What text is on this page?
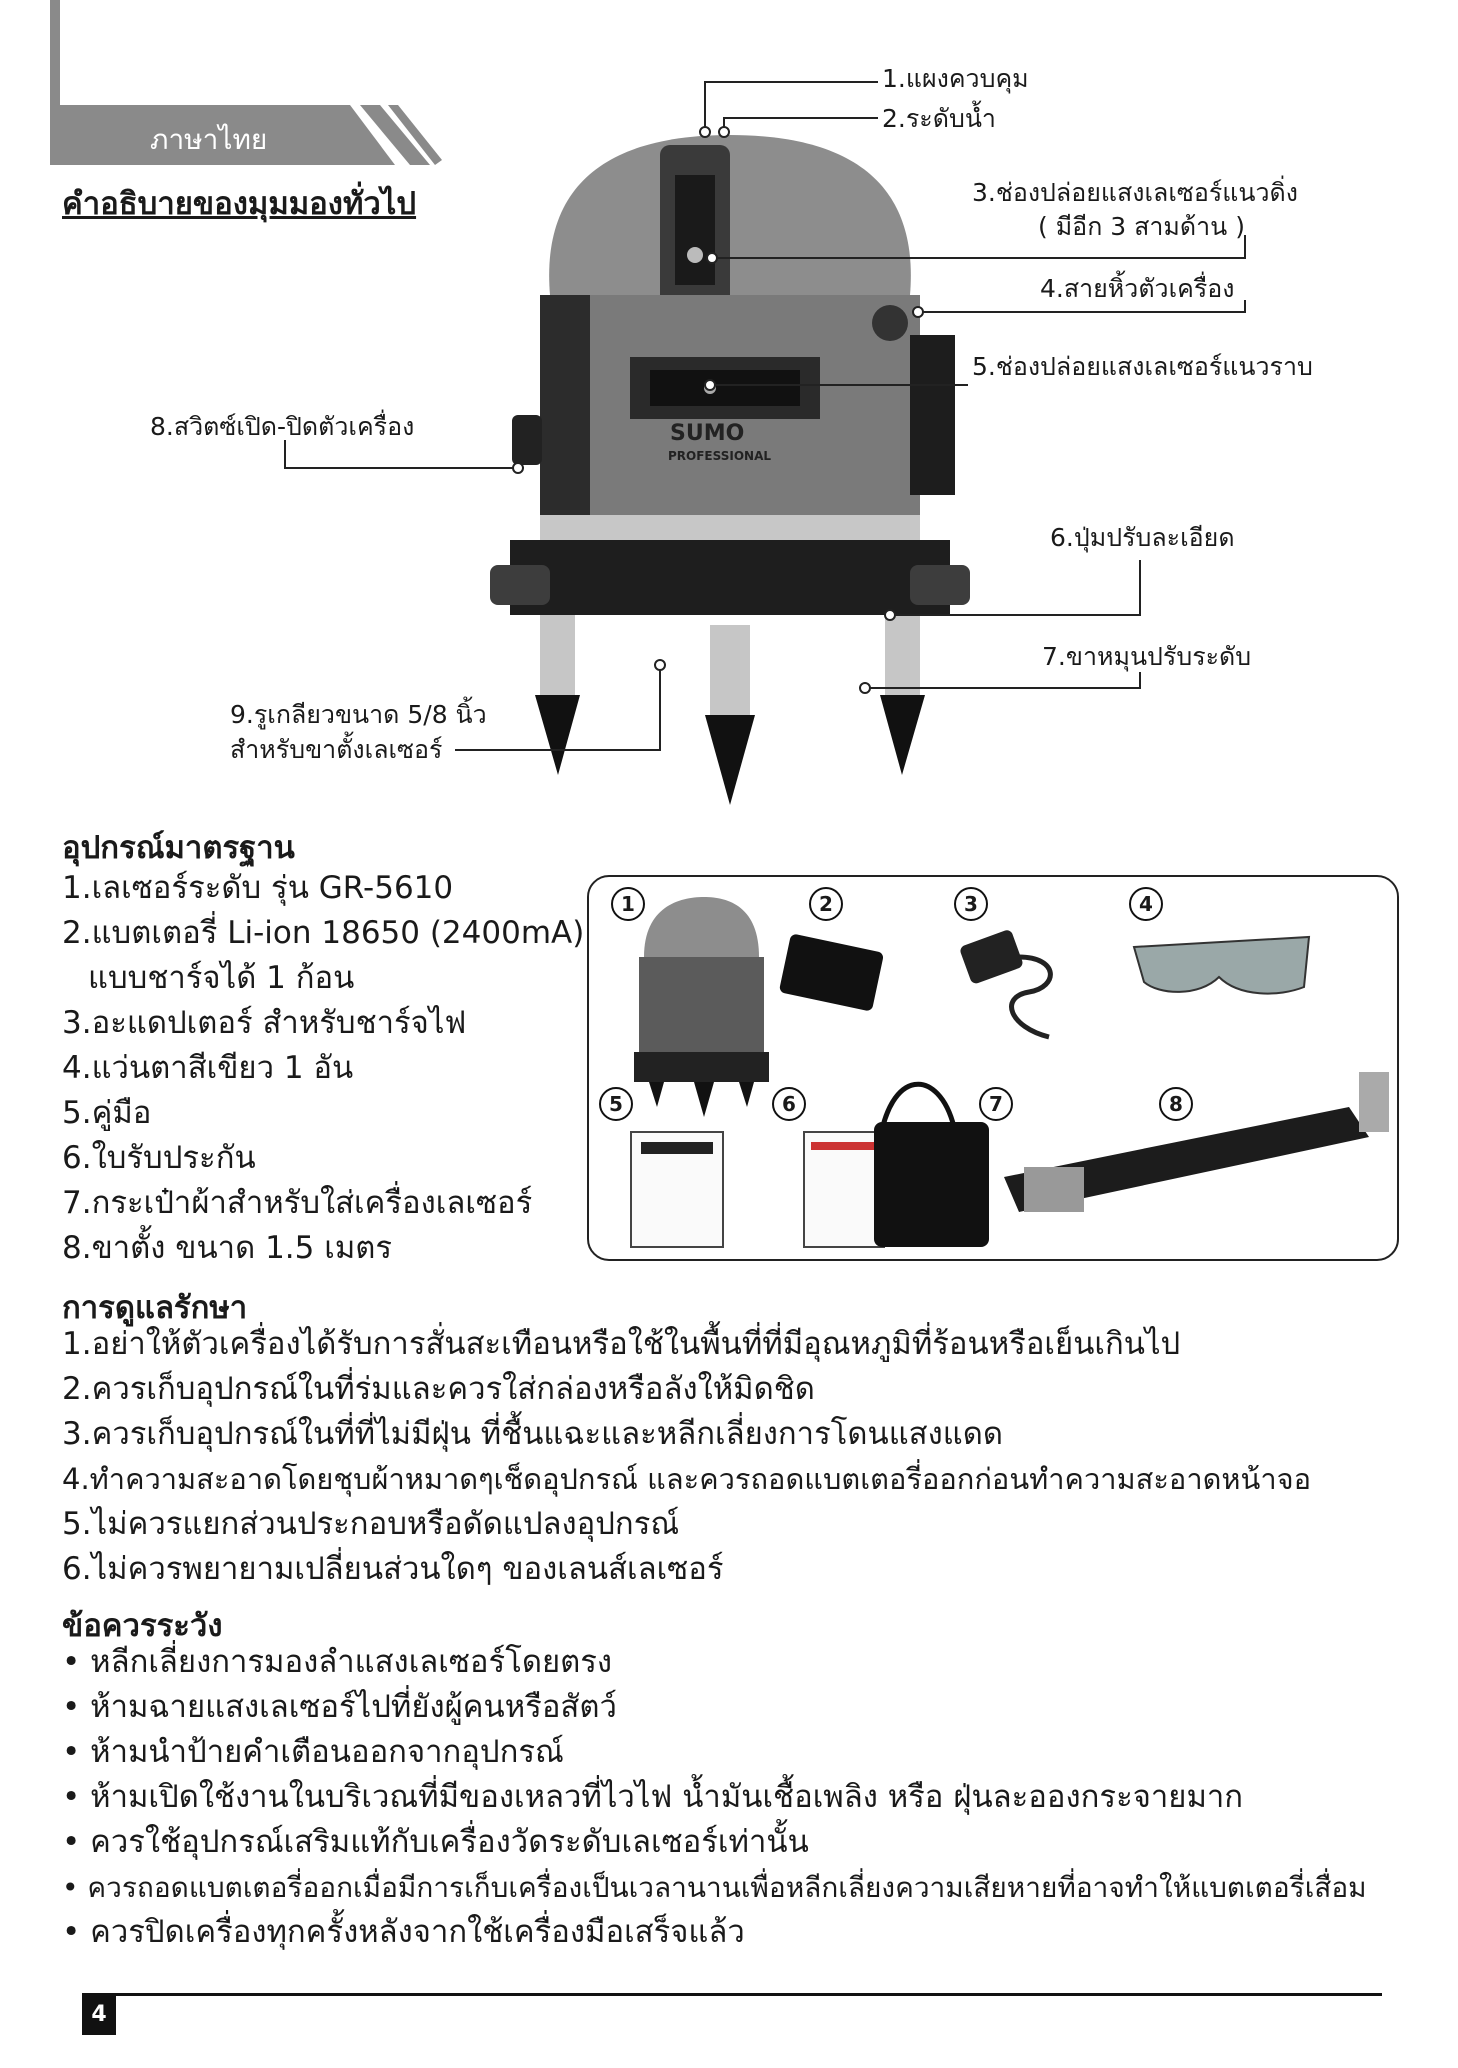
ภาษาไทย
คำอธิบายของมุมมองทั่วไป
SUMO
PROFESSIONAL
1.แผงควบคุม
2.ระดับน้ำ
3.ช่องปล่อยแสงเลเซอร์แนวดิ่ง
( มีอีก 3 สามด้าน )
4.สายหิ้วตัวเครื่อง
5.ช่องปล่อยแสงเลเซอร์แนวราบ
6.ปุ่มปรับละเอียด
7.ขาหมุนปรับระดับ
8.สวิตซ์เปิด-ปิดตัวเครื่อง
9.รูเกลียวขนาด 5/8 นิ้ว
สำหรับขาตั้งเลเซอร์
อุปกรณ์มาตรฐาน
1.เลเซอร์ระดับ รุ่น GR-5610
2.แบตเตอรี่ Li-ion 18650 (2400mA)
แบบชาร์จได้ 1 ก้อน
3.อะแดปเตอร์ สำหรับชาร์จไฟ
4.แว่นตาสีเขียว 1 อัน
5.คู่มือ
6.ใบรับประกัน
7.กระเป๋าผ้าสำหรับใส่เครื่องเลเซอร์
8.ขาตั้ง ขนาด 1.5 เมตร
1	2	3	4
5	6	7	8
การดูแลรักษา
1.อย่าให้ตัวเครื่องได้รับการสั่นสะเทือนหรือใช้ในพื้นที่ที่มีอุณหภูมิที่ร้อนหรือเย็นเกินไป
2.ควรเก็บอุปกรณ์ในที่ร่มและควรใส่กล่องหรือลังให้มิดชิด
3.ควรเก็บอุปกรณ์ในที่ที่ไม่มีฝุ่น ที่ชื้นแฉะและหลีกเลี่ยงการโดนแสงแดด
4.ทำความสะอาดโดยชุบผ้าหมาดๆเช็ดอุปกรณ์ และควรถอดแบตเตอรี่ออกก่อนทำความสะอาดหน้าจอ
5.ไม่ควรแยกส่วนประกอบหรือดัดแปลงอุปกรณ์
6.ไม่ควรพยายามเปลี่ยนส่วนใดๆ ของเลนส์เลเซอร์
ข้อควรระวัง
• หลีกเลี่ยงการมองลำแสงเลเซอร์โดยตรง
• ห้ามฉายแสงเลเซอร์ไปที่ยังผู้คนหรือสัตว์
• ห้ามนำป้ายคำเตือนออกจากอุปกรณ์
• ห้ามเปิดใช้งานในบริเวณที่มีของเหลวที่ไวไฟ น้ำมันเชื้อเพลิง หรือ ฝุ่นละอองกระจายมาก
• ควรใช้อุปกรณ์เสริมแท้กับเครื่องวัดระดับเลเซอร์เท่านั้น
• ควรถอดแบตเตอรี่ออกเมื่อมีการเก็บเครื่องเป็นเวลานานเพื่อหลีกเลี่ยงความเสียหายที่อาจทำให้แบตเตอรี่เสื่อม
• ควรปิดเครื่องทุกครั้งหลังจากใช้เครื่องมือเสร็จแล้ว
4
